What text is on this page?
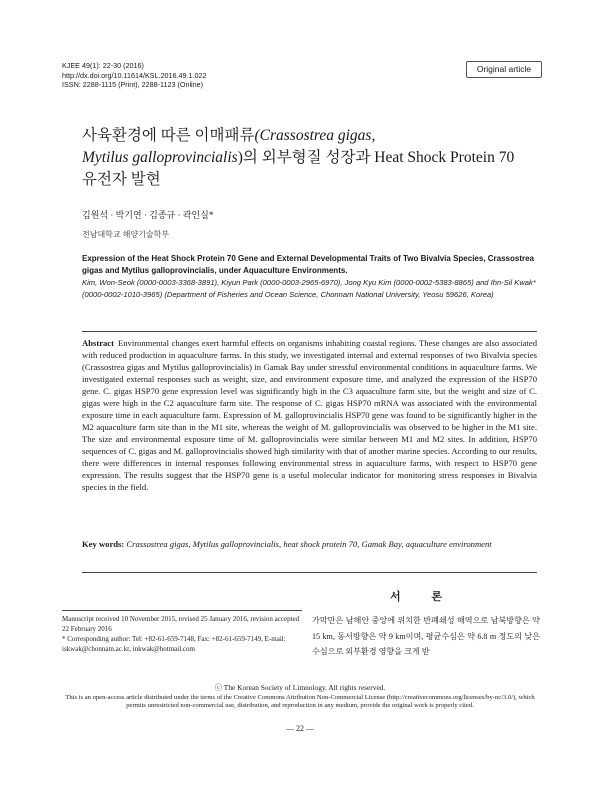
KJEE 49(1): 22-30 (2016)
http://dx.doi.org/10.11614/KSL.2016.49.1.022
ISSN: 2288-1115 (Print), 2288-1123 (Online)
Original article
사육환경에 따른 이매패류(Crassostrea gigas,
Mytilus galloprovincialis)의 외부형질 성장과 Heat Shock Protein 70
유전자 발현
김원석 · 박기연 · 김종규 · 곽인실*
전남대학교 해양기술학부
Expression of the Heat Shock Protein 70 Gene and External Developmental Traits of Two Bivalvia Species, Crassostrea gigas and Mytilus galloprovincialis, under Aquaculture Environments.
Kim, Won-Seok (0000-0003-3368-3891), Kiyun Park (0000-0003-2965-6970), Jong Kyu Kim (0000-0002-5383-8865) and Ihn-Sil Kwak* (0000-0002-1010-3965) (Department of Fisheries and Ocean Science, Chonnam National University, Yeosu 59626, Korea)
Abstract Environmental changes exert harmful effects on organisms inhabiting coastal regions. These changes are also associated with reduced production in aquaculture farms. In this study, we investigated internal and external responses of two Bivalvia species (Crassostrea gigas and Mytilus galloprovincialis) in Gamak Bay under stressful environmental conditions in aquaculture farms. We investigated external responses such as weight, size, and environment exposure time, and analyzed the expression of the HSP70 gene. C. gigas HSP70 gene expression level was significantly high in the C3 aquaculture farm site, but the weight and size of C. gigas were high in the C2 aquaculture farm site. The response of C. gigas HSP70 mRNA was associated with the environmental exposure time in each aquaculture farm. Expression of M. galloprovincialis HSP70 gene was found to be significantly higher in the M2 aquaculture farm site than in the M1 site, whereas the weight of M. galloprovincialis was observed to be higher in the M1 site. The size and environmental exposure time of M. galloprovincialis were similar between M1 and M2 sites. In addition, HSP70 sequences of C. gigas and M. galloprovincialis showed high similarity with that of another marine species. According to our results, there were differences in internal responses following environmental stress in aquaculture farms, with respect to HSP70 gene expression. The results suggest that the HSP70 gene is a useful molecular indicator for monitoring stress responses in Bivalvia species in the field.
Key words: Crassostrea gigas, Mytilus galloprovincialis, heat shock protein 70, Gamak Bay, aquaculture environment
Manuscript received 10 November 2015, revised 25 January 2016, revision accepted 22 February 2016
* Corresponding author: Tel: +82-61-659-7148, Fax: +82-61-659-7149, E-mail: iskwak@chonnam.ac.kr, inkwak@hotmail.com
서 론
가막만은 남해안 중앙에 위치한 반폐쇄성 해역으로 남북방향은 약 15 km, 동서방향은 약 9 km이며, 평균수심은 약 6.8 m 정도의 낮은 수심으로 외부환경 영향을 크게 받
ⓒ The Korean Society of Limnology. All rights reserved.
This is an open-access article distributed under the terms of the Creative Commons Attribution Non-Commercial License (http://creativecommons.org/licenses/by-nc/3.0/), which permits unrestricted non-commercial use, distribution, and reproduction in any medium, provide the original work is properly cited.
— 22 —
